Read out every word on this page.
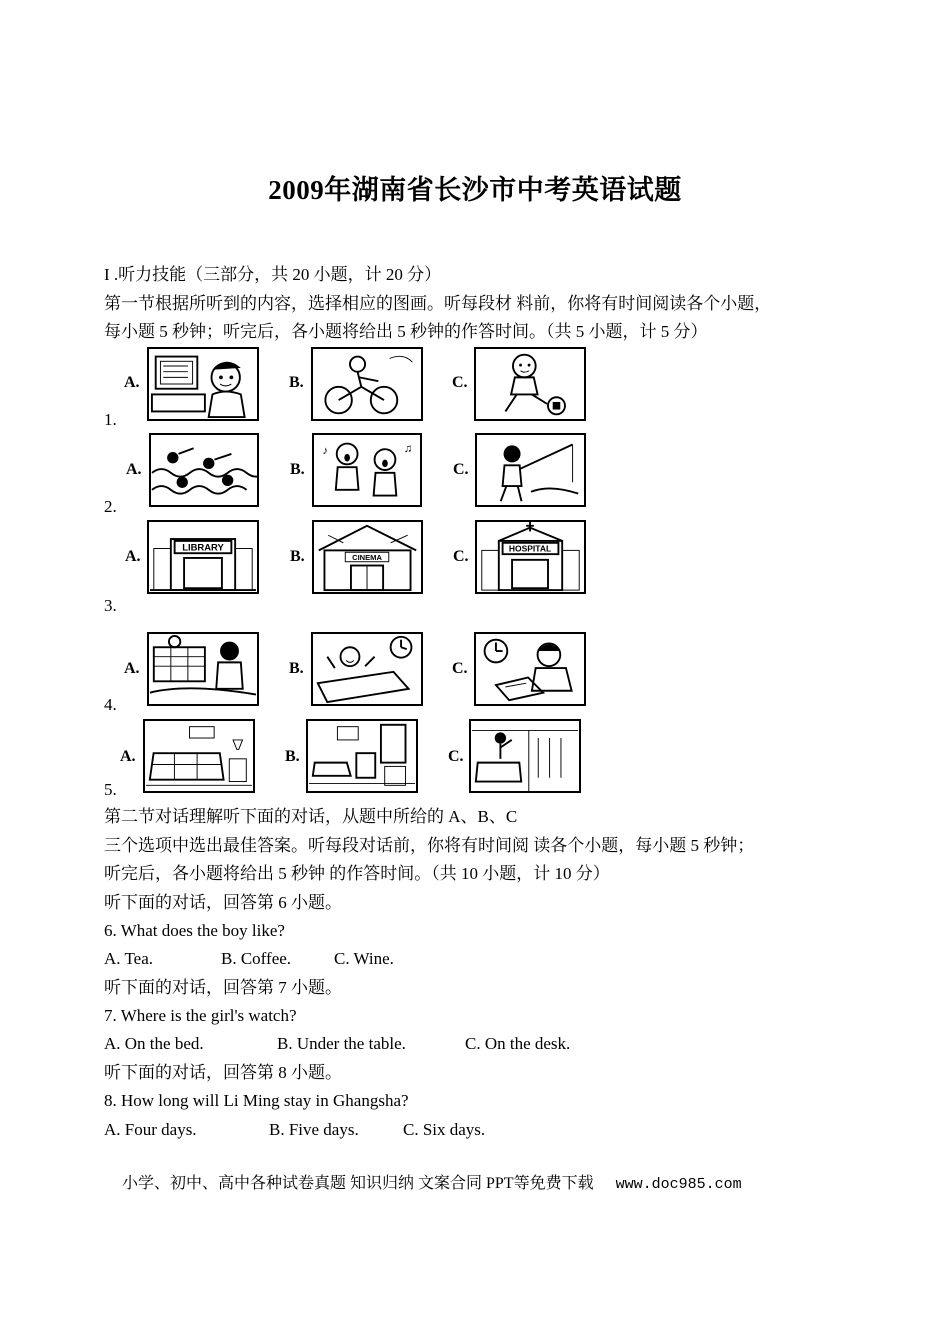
2009年湖南省长沙市中考英语试题
I .听力技能（三部分，共 20 小题，计 20 分）
第一节根据所听到的内容，选择相应的图画。听每段材 料前，你将有时间阅读各个小题，
每小题 5 秒钟；听完后，各小题将给出 5 秒钟的作答时间。（共 5 小题，计 5 分）
A.	B.	C.
1.
A.	B.
♪	♫
C.
2.
A.
LIBRARY
B.	CINEMA	C.	HOSPITAL
3.
A.	B.	C.
4.
A.	B.	C.
5.
第二节对话理解听下面的对话，从题中所给的 A、B、C
三个选项中选出最佳答案。听每段对话前，你将有时间阅 读各个小题，每小题 5 秒钟；
听完后，各小题将给出 5 秒钟 的作答时间。（共 10 小题，计 10 分）
听下面的对话，回答第 6 小题。
6. What does the boy like?
A. Tea.	B. Coffee.	C. Wine.
听下面的对话，回答第 7 小题。
7. Where is the girl's watch?
A. On the bed.	B. Under the table.	C. On the desk.
听下面的对话，回答第 8 小题。
8. How long will Li Ming stay in Ghangsha?
A. Four days.	B. Five days.	C. Six days.
小学、初中、高中各种试卷真题 知识归纳 文案合同 PPT等免费下载 www.doc985.com
